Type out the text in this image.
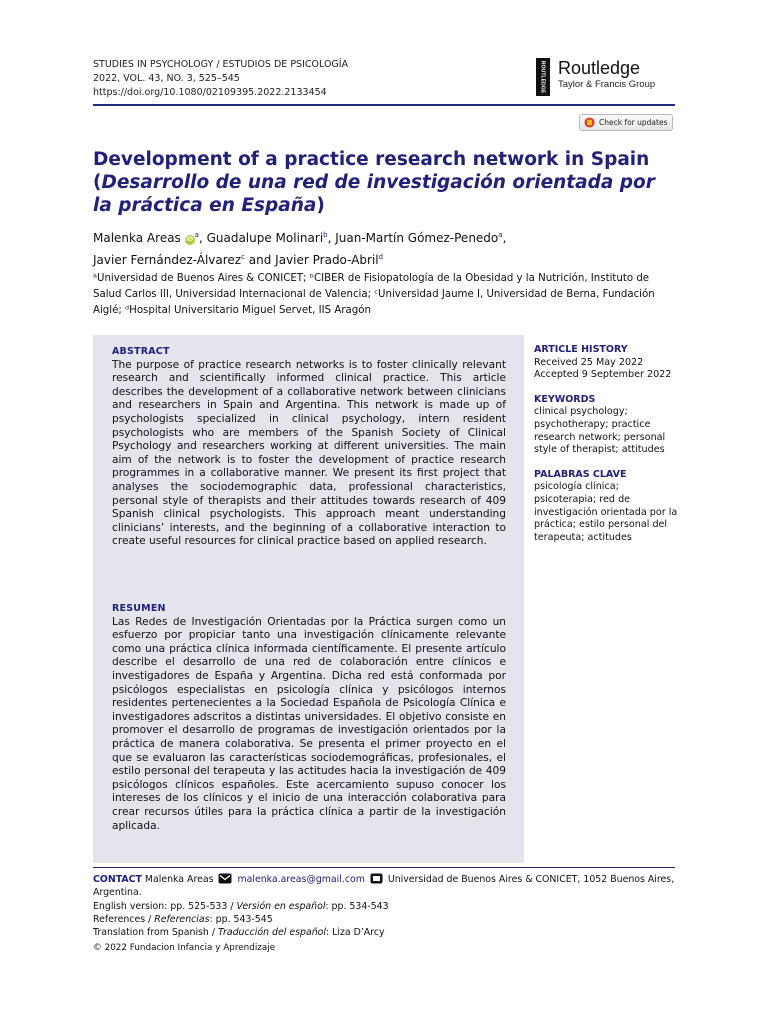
STUDIES IN PSYCHOLOGY / ESTUDIOS DE PSICOLOGÍA
2022, VOL. 43, NO. 3, 525–545
https://doi.org/10.1080/02109395.2022.2133454	ROUTLEDGE Routledge
Taylor & Francis Group
Check for updates
Development of a practice research network in Spain
(Desarrollo de una red de investigación orientada por la práctica en España)
Malenka Areas $iD^a$, Guadalupe Molinari$^b$, Juan-Martín Gómez-Penedo$^a$,
Javier Fernández-Álvarez$^c$ and Javier Prado-Abril$^d$
ᵃUniversidad de Buenos Aires & CONICET; ᵇCIBER de Fisiopatología de la Obesidad y la Nutrición, Instituto de Salud Carlos III, Universidad Internacional de Valencia; ᶜUniversidad Jaume I, Universidad de Berna, Fundación Aiglé; ᵈHospital Universitario Miguel Servet, IIS Aragón
ABSTRACT
The purpose of practice research networks is to foster clinically relevant research and scientifically informed clinical practice. This article describes the development of a collaborative network between clinicians and researchers in Spain and Argentina. This network is made up of psychologists specialized in clinical psychology, intern resident psychologists who are members of the Spanish Society of Clinical Psychology and researchers working at different universities. The main aim of the network is to foster the development of practice research programmes in a collaborative manner. We present its first project that analyses the sociodemographic data, professional characteristics, personal style of therapists and their attitudes towards research of 409 Spanish clinical psychologists. This approach meant understanding clinicians’ interests, and the beginning of a collaborative interaction to create useful resources for clinical practice based on applied research.
RESUMEN
Las Redes de Investigación Orientadas por la Práctica surgen como un esfuerzo por propiciar tanto una investigación clínicamente relevante como una práctica clínica informada científicamente. El presente artículo describe el desarrollo de una red de colaboración entre clínicos e investigadores de España y Argentina. Dicha red está conformada por psicólogos especialistas en psicología clínica y psicólogos internos residentes pertenecientes a la Sociedad Española de Psicología Clínica e investigadores adscritos a distintas universidades. El objetivo consiste en promover el desarrollo de programas de investigación orientados por la práctica de manera colaborativa. Se presenta el primer proyecto en el que se evaluaron las características sociodemográficas, profesionales, el estilo personal del terapeuta y las actitudes hacia la investigación de 409 psicólogos clínicos españoles. Este acercamiento supuso conocer los intereses de los clínicos y el inicio de una interacción colaborativa para crear recursos útiles para la práctica clínica a partir de la investigación aplicada.
ARTICLE HISTORY
Received 25 May 2022
Accepted 9 September 2022
KEYWORDS
clinical psychology; psychotherapy; practice research network; personal style of therapist; attitudes
PALABRAS CLAVE
psicología clínica; psicoterapia; red de investigación orientada por la práctica; estilo personal del terapeuta; actitudes
CONTACT Malenka Areas	malenka.areas@gmail.com Universidad de Buenos Aires & CONICET, 1052 Buenos Aires, Argentina.
English version: pp. 525-533 / Versión en español: pp. 534-543
References / Referencias: pp. 543-545
Translation from Spanish / Traducción del español: Liza D’Arcy
© 2022 Fundacion Infancia y Aprendizaje
